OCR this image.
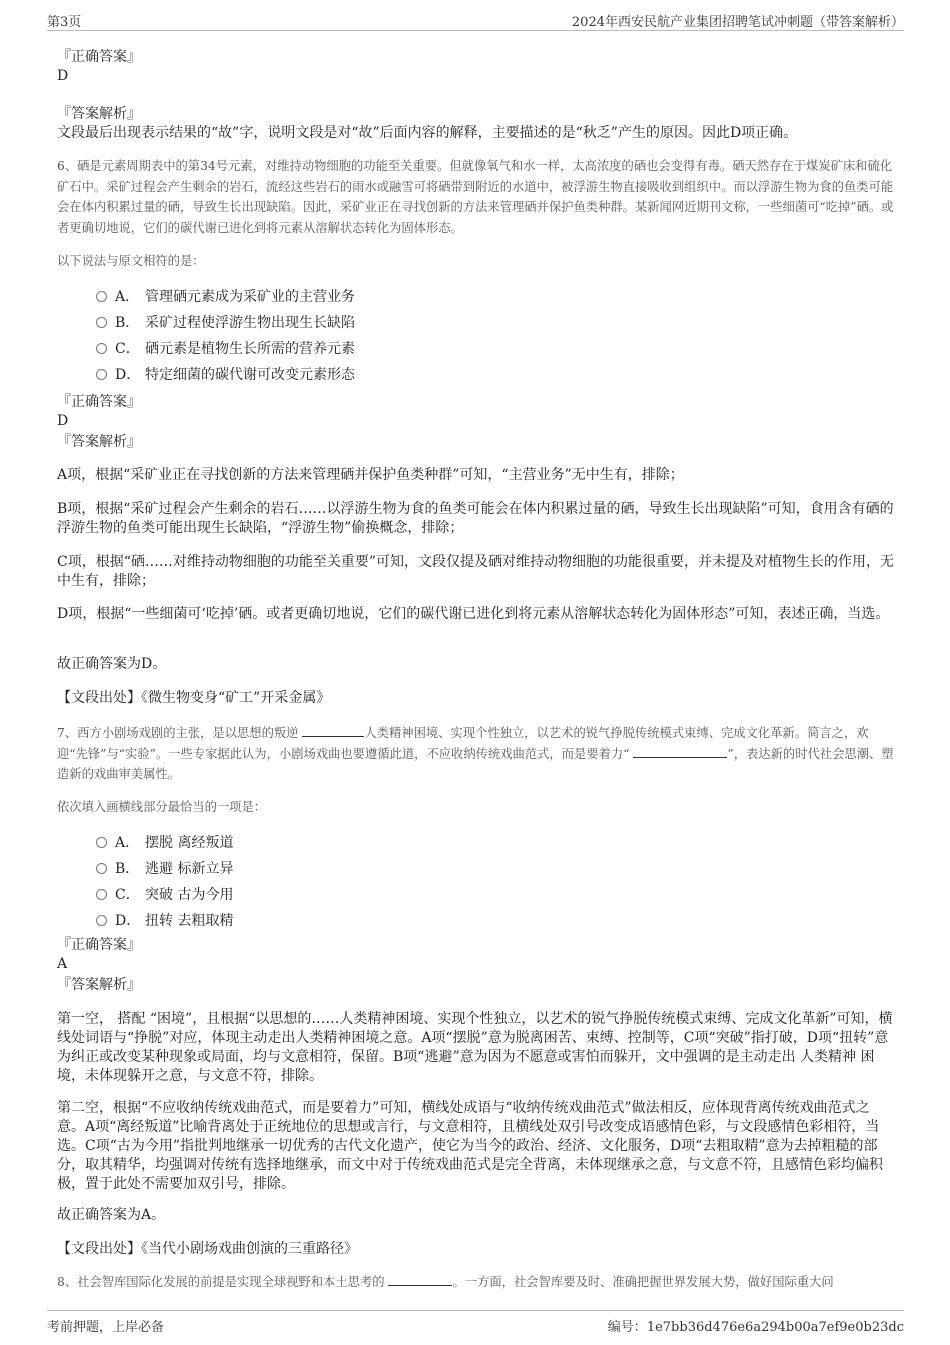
第3页	2024年西安民航产业集团招聘笔试冲刺题（带答案解析）
『正确答案』
D
『答案解析』
文段最后出现表示结果的“故”字，说明文段是对“故”后面内容的解释，主要描述的是“秋乏”产生的原因。因此D项正确。
6、硒是元素周期表中的第34号元素，对维持动物细胞的功能至关重要。但就像氧气和水一样，太高浓度的硒也会变得有毒。硒天然存在于煤炭矿床和硫化矿石中。采矿过程会产生剩余的岩石，流经这些岩石的雨水或融雪可将硒带到附近的水道中，被浮游生物直接吸收到组织中。而以浮游生物为食的鱼类可能会在体内积累过量的硒，导致生长出现缺陷。因此，采矿业正在寻找创新的方法来管理硒并保护鱼类种群。某新闻网近期刊文称，一些细菌可“吃掉”硒。或者更确切地说，它们的碳代谢已进化到将元素从溶解状态转化为固体形态。
以下说法与原文相符的是：
A． 管理硒元素成为采矿业的主营业务
B． 采矿过程使浮游生物出现生长缺陷
C． 硒元素是植物生长所需的营养元素
D． 特定细菌的碳代谢可改变元素形态
『正确答案』
D
『答案解析』
A项，根据“采矿业正在寻找创新的方法来管理硒并保护鱼类种群”可知，“主营业务”无中生有，排除；
B项，根据“采矿过程会产生剩余的岩石……以浮游生物为食的鱼类可能会在体内积累过量的硒，导致生长出现缺陷”可知，食用含有硒的浮游生物的鱼类可能出现生长缺陷，“浮游生物”偷换概念，排除；
C项，根据“硒……对维持动物细胞的功能至关重要”可知，文段仅提及硒对维持动物细胞的功能很重要，并未提及对植物生长的作用，无中生有，排除；
D项，根据“一些细菌可‘吃掉’硒。或者更确切地说，它们的碳代谢已进化到将元素从溶解状态转化为固体形态”可知，表述正确，当选。
故正确答案为D。
【文段出处】《微生物变身“矿工”开采金属》
7、西方小剧场戏剧的主张，是以思想的叛逆	人类精神困境、实现个性独立，以艺术的锐气挣脱传统模式束缚、完成文化革新。简言之，欢迎“先锋”与“实验”。一些专家据此认为，小剧场戏曲也要遵循此道，不应收纳传统戏曲范式，而是要着力“	”，表达新的时代社会思潮、塑造新的戏曲审美属性。
依次填入画横线部分最恰当的一项是：
A． 摆脱 离经叛道
B． 逃避 标新立异
C． 突破 古为今用
D． 扭转 去粗取精
『正确答案』
A
『答案解析』
第一空， 搭配 “困境”，且根据“以思想的……人类精神困境、实现个性独立，以艺术的锐气挣脱传统模式束缚、完成文化革新”可知，横线处词语与“挣脱”对应，体现主动走出人类精神困境之意。A项“摆脱”意为脱离困苦、束缚、控制等，C项“突破”指打破，D项“扭转”意为纠正或改变某种现象或局面，均与文意相符，保留。B项“逃避”意为因为不愿意或害怕而躲开，文中强调的是主动走出 人类精神 困境，未体现躲开之意，与文意不符，排除。
第二空，根据“不应收纳传统戏曲范式，而是要着力”可知，横线处成语与“收纳传统戏曲范式”做法相反，应体现背离传统戏曲范式之意。A项“离经叛道”比喻背离处于正统地位的思想或言行，与文意相符，且横线处双引号改变成语感情色彩，与文段感情色彩相符，当选。C项“古为今用”指批判地继承一切优秀的古代文化遗产，使它为当今的政治、经济、文化服务，D项“去粗取精”意为去掉粗糙的部分，取其精华，均强调对传统有选择地继承，而文中对于传统戏曲范式是完全背离，未体现继承之意，与文意不符，且感情色彩均偏积极，置于此处不需要加双引号，排除。
故正确答案为A。
【文段出处】《当代小剧场戏曲创演的三重路径》
8、社会智库国际化发展的前提是实现全球视野和本土思考的	。一方面，社会智库要及时、准确把握世界发展大势，做好国际重大问
考前押题，上岸必备	编号：1e7bb36d476e6a294b00a7ef9e0b23dc
